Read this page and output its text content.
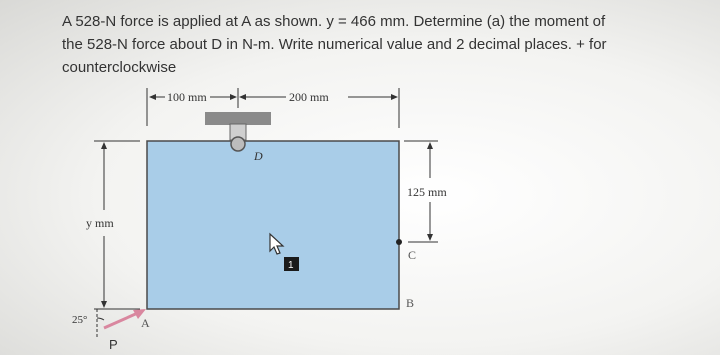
A 528-N force is applied at A as shown. y = 466 mm. Determine (a) the moment of
the 528-N force about D in N-m. Write numerical value and 2 decimal places. + for
counterclockwise
D
100 mm	200 mm
y mm
125 mm
C
B
A
25°
P
1
